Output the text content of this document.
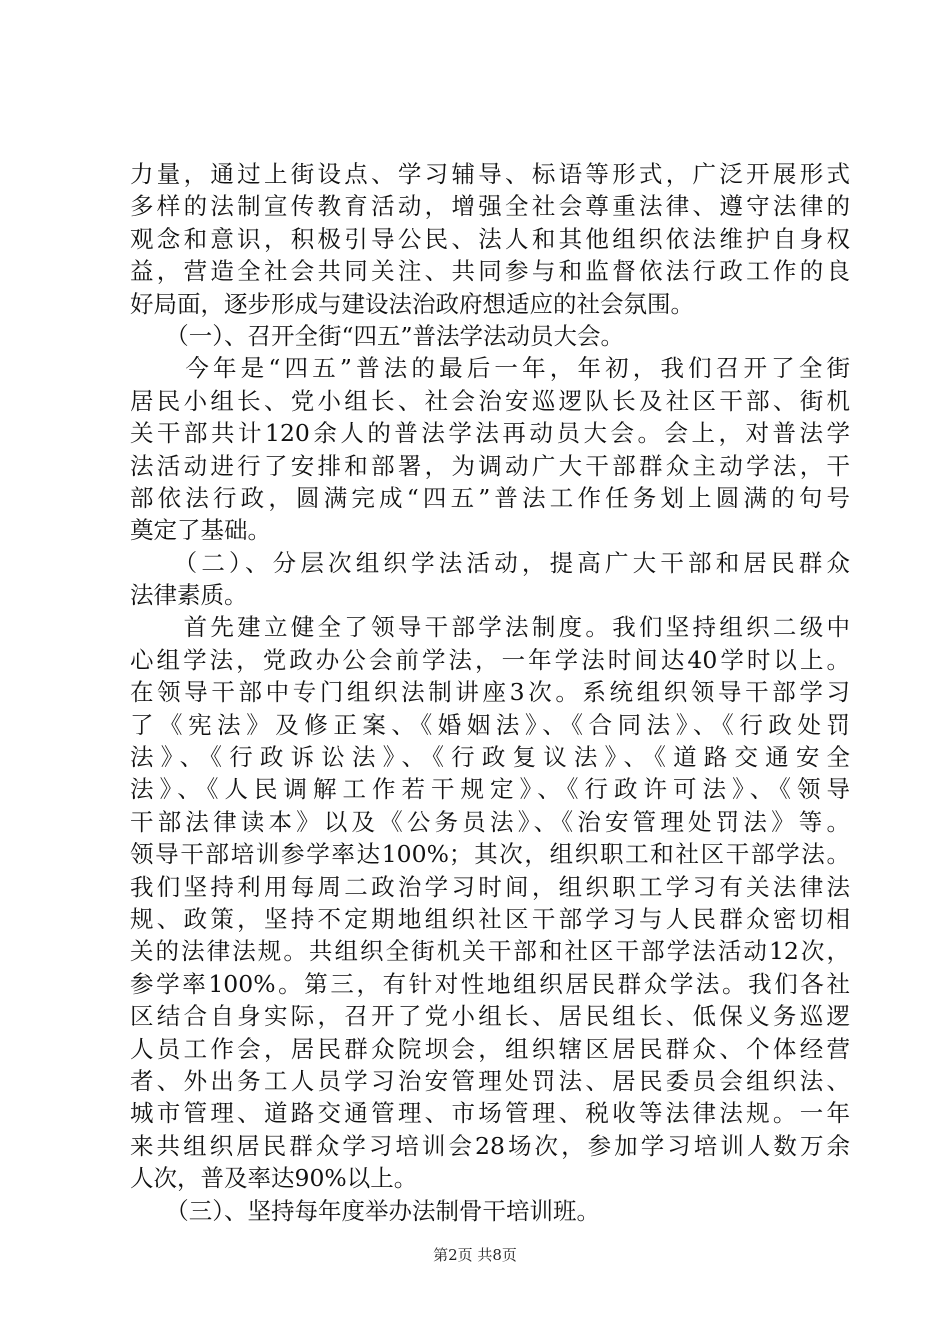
力量，通过上街设点、学习辅导、标语等形式，广泛开展形式
多样的法制宣传教育活动，增强全社会尊重法律、遵守法律的
观念和意识，积极引导公民、法人和其他组织依法维护自身权
益，营造全社会共同关注、共同参与和监督依法行政工作的良
好局面，逐步形成与建设法治政府想适应的社会氛围。
　　（一）、召开全街“四五”普法学法动员大会。
　　今年是“四五”普法的最后一年，年初，我们召开了全街
居民小组长、党小组长、社会治安巡逻队长及社区干部、街机
关干部共计120余人的普法学法再动员大会。会上，对普法学
法活动进行了安排和部署，为调动广大干部群众主动学法，干
部依法行政，圆满完成“四五”普法工作任务划上圆满的句号
奠定了基础。
　　（二）、分层次组织学法活动，提高广大干部和居民群众
法律素质。
　　首先建立健全了领导干部学法制度。我们坚持组织二级中
心组学法，党政办公会前学法，一年学法时间达40学时以上。
在领导干部中专门组织法制讲座3次。系统组织领导干部学习
了《宪法》及修正案、《婚姻法》、《合同法》、《行政处罚
法》、《行政诉讼法》、《行政复议法》、《道路交通安全
法》、《人民调解工作若干规定》、《行政许可法》、《领导
干部法律读本》以及《公务员法》、《治安管理处罚法》等。
领导干部培训参学率达100%；其次，组织职工和社区干部学法。
我们坚持利用每周二政治学习时间，组织职工学习有关法律法
规、政策，坚持不定期地组织社区干部学习与人民群众密切相
关的法律法规。共组织全街机关干部和社区干部学法活动12次，
参学率100%。第三，有针对性地组织居民群众学法。我们各社
区结合自身实际，召开了党小组长、居民组长、低保义务巡逻
人员工作会，居民群众院坝会，组织辖区居民群众、个体经营
者、外出务工人员学习治安管理处罚法、居民委员会组织法、
城市管理、道路交通管理、市场管理、税收等法律法规。一年
来共组织居民群众学习培训会28场次，参加学习培训人数万余
人次，普及率达90%以上。
　　（三）、坚持每年度举办法制骨干培训班。
第2页 共8页
